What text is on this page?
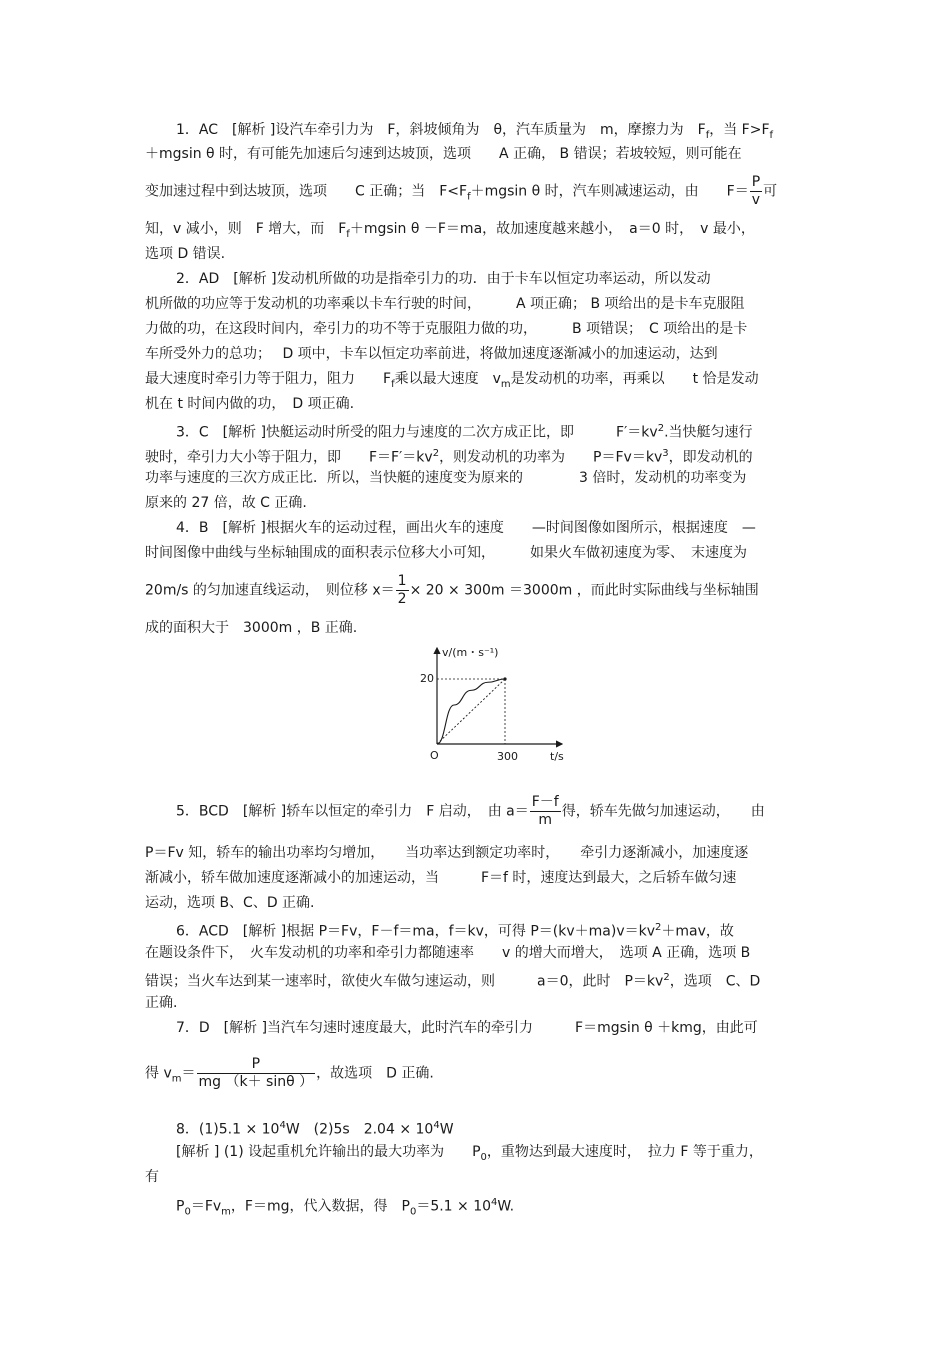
1．AC　[解析 ]设汽车牵引力为　F，斜坡倾角为　θ，汽车质量为　m，摩擦力为　$F_f$，当 $F>F_f$
＋mgsin θ 时，有可能先加速后匀速到达坡顶，选项　　A 正确， B 错误；若坡较短，则可能在
变加速过程中到达坡顶，选项　　C 正确；当　$F<F_f+mgsin$ θ 时，汽车则减速运动，由　　$F= \frac{P}{v}$ 可
知，v 减小，则　F 增大，而　$F_f+mgsin$ θ －F＝ma，故加速度越来越小，　a＝0 时，　v 最小，
选项 D 错误.
2．AD　[解析 ]发动机所做的功是指牵引力的功．由于卡车以恒定功率运动，所以发动
机所做的功应等于发动机的功率乘以卡车行驶的时间，　　　A 项正确； B 项给出的是卡车克服阻
力做的功，在这段时间内，牵引力的功不等于克服阻力做的功，　　　B 项错误；　C 项给出的是卡
车所受外力的总功；　 D 项中，卡车以恒定功率前进，将做加速度逐渐减小的加速运动，达到
最大速度时牵引力等于阻力，阻力　　$F_f$乘以最大速度　$v_m$是发动机的功率，再乘以　　t 恰是发动
机在 t 时间内做的功，　D 项正确.
3．C　[解析 ]快艇运动时所受的阻力与速度的二次方成正比，即　　　$F'=kv^2$.当快艇匀速行
驶时，牵引力大小等于阻力，即　　$F=F'=kv^2$，则发动机的功率为　　$P=Fv=kv^3$，即发动机的
功率与速度的三次方成正比．所以，当快艇的速度变为原来的　　　　3 倍时，发动机的功率变为
原来的 27 倍，故 C 正确.
4．B　[解析 ]根据火车的运动过程，画出火车的速度　　—时间图像如图所示，根据速度　—
时间图像中曲线与坐标轴围成的面积表示位移大小可知，　　　如果火车做初速度为零、　末速度为
20m/s 的匀加速直线运动，　则位移 $x= \frac{1}{2} \times 20 \times 300m =3000m$ ，而此时实际曲线与坐标轴围
成的面积大于　3000m ，B 正确.
v/(m・s⁻¹)
t/s
O
20
300
5．BCD　[解析 ]轿车以恒定的牵引力　F 启动，　由 $a= \frac{F-f}{m}$ 得，轿车先做匀加速运动，　　由
P＝Fv 知，轿车的输出功率均匀增加，　　当功率达到额定功率时，　　牵引力逐渐减小，加速度逐
渐减小，轿车做加速度逐渐减小的加速运动，当　　　F＝f 时，速度达到最大，之后轿车做匀速
运动，选项 B、C、D 正确.
6．ACD　[解析 ]根据 P＝Fv，F－f＝ma，f＝kv，可得 $P=(kv+ma)v=kv^2+mav$，故
在题设条件下，　火车发动机的功率和牵引力都随速率　　v 的增大而增大，　选项 A 正确，选项 B
错误；当火车达到某一速率时，欲使火车做匀速运动，则　　　a＝0，此时　$P=kv^2$，选项　C、D
正确.
7．D　[解析 ]当汽车匀速时速度最大，此时汽车的牵引力　　　F＝mgsin θ ＋kmg，由此可
得 $v_m= \frac{P}{mg (k+ \sin\theta )}$ ，故选项　D 正确.
8．$(1)5.1 \times 10^4W$　(2)5s　$2.04 \times 10^4W$
[解析 ] (1) 设起重机允许输出的最大功率为　　$P_0$，重物达到最大速度时，　拉力 F 等于重力，
有
$P_0=Fv_m$，F＝mg，代入数据，得　$P_0=5.1 \times 10^4W$.
